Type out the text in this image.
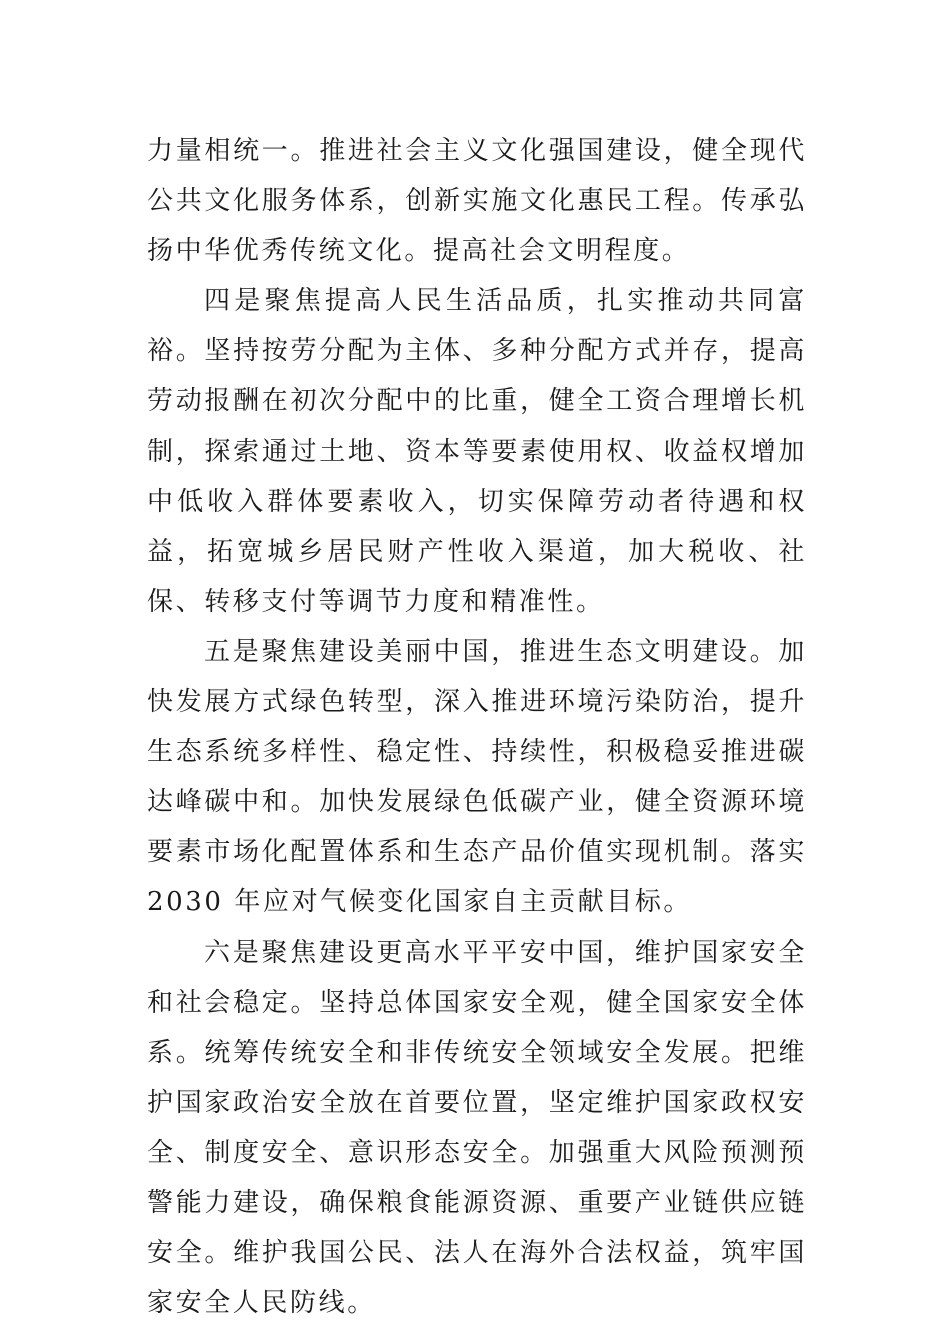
力量相统一。推进社会主义文化强国建设，健全现代公共文化服务体系，创新实施文化惠民工程。传承弘扬中华优秀传统文化。提高社会文明程度。

四是聚焦提高人民生活品质，扎实推动共同富裕。坚持按劳分配为主体、多种分配方式并存，提高劳动报酬在初次分配中的比重，健全工资合理增长机制，探索通过土地、资本等要素使用权、收益权增加中低收入群体要素收入，切实保障劳动者待遇和权益，拓宽城乡居民财产性收入渠道，加大税收、社保、转移支付等调节力度和精准性。

五是聚焦建设美丽中国，推进生态文明建设。加快发展方式绿色转型，深入推进环境污染防治，提升生态系统多样性、稳定性、持续性，积极稳妥推进碳达峰碳中和。加快发展绿色低碳产业，健全资源环境要素市场化配置体系和生态产品价值实现机制。落实 2030 年应对气候变化国家自主贡献目标。

六是聚焦建设更高水平平安中国，维护国家安全和社会稳定。坚持总体国家安全观，健全国家安全体系。统筹传统安全和非传统安全领域安全发展。把维护国家政治安全放在首要位置，坚定维护国家政权安全、制度安全、意识形态安全。加强重大风险预测预警能力建设，确保粮食能源资源、重要产业链供应链安全。维护我国公民、法人在海外合法权益，筑牢国家安全人民防线。
